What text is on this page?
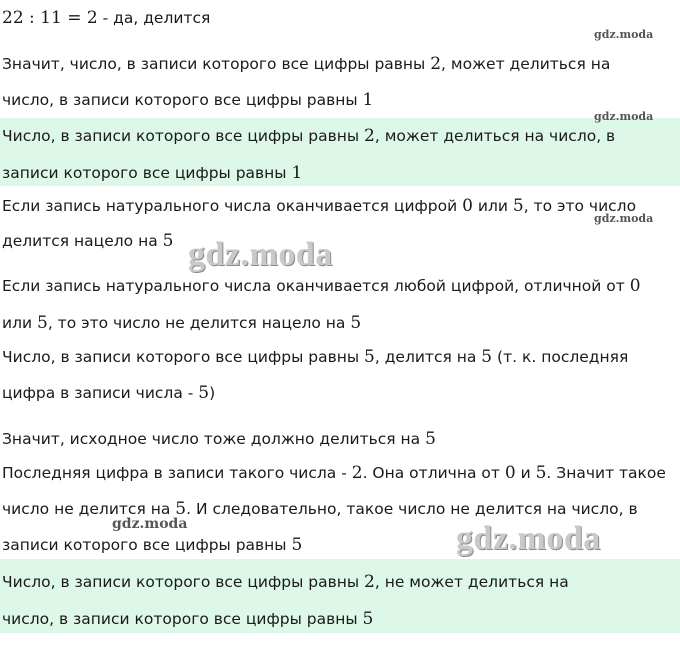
22 : 11 = 2 - да, делится
Значит, число, в записи которого все цифры равны 2, может делиться на
число, в записи которого все цифры равны 1
Число, в записи которого все цифры равны 2, может делиться на число, в
записи которого все цифры равны 1
Если запись натурального числа оканчивается цифрой 0 или 5, то это число
делится нацело на 5
Если запись натурального числа оканчивается любой цифрой, отличной от 0
или 5, то это число не делится нацело на 5
Число, в записи которого все цифры равны 5, делится на 5 (т. к. последняя
цифра в записи числа - 5)
Значит, исходное число тоже должно делиться на 5
Последняя цифра в записи такого числа - 2. Она отлична от 0 и 5. Значит такое
число не делится на 5. И следовательно, такое число не делится на число, в
записи которого все цифры равны 5
Число, в записи которого все цифры равны 2, не может делиться на
число, в записи которого все цифры равны 5
gdz.moda
gdz.moda
gdz.moda
gdz.moda
gdz.moda
gdz.moda
